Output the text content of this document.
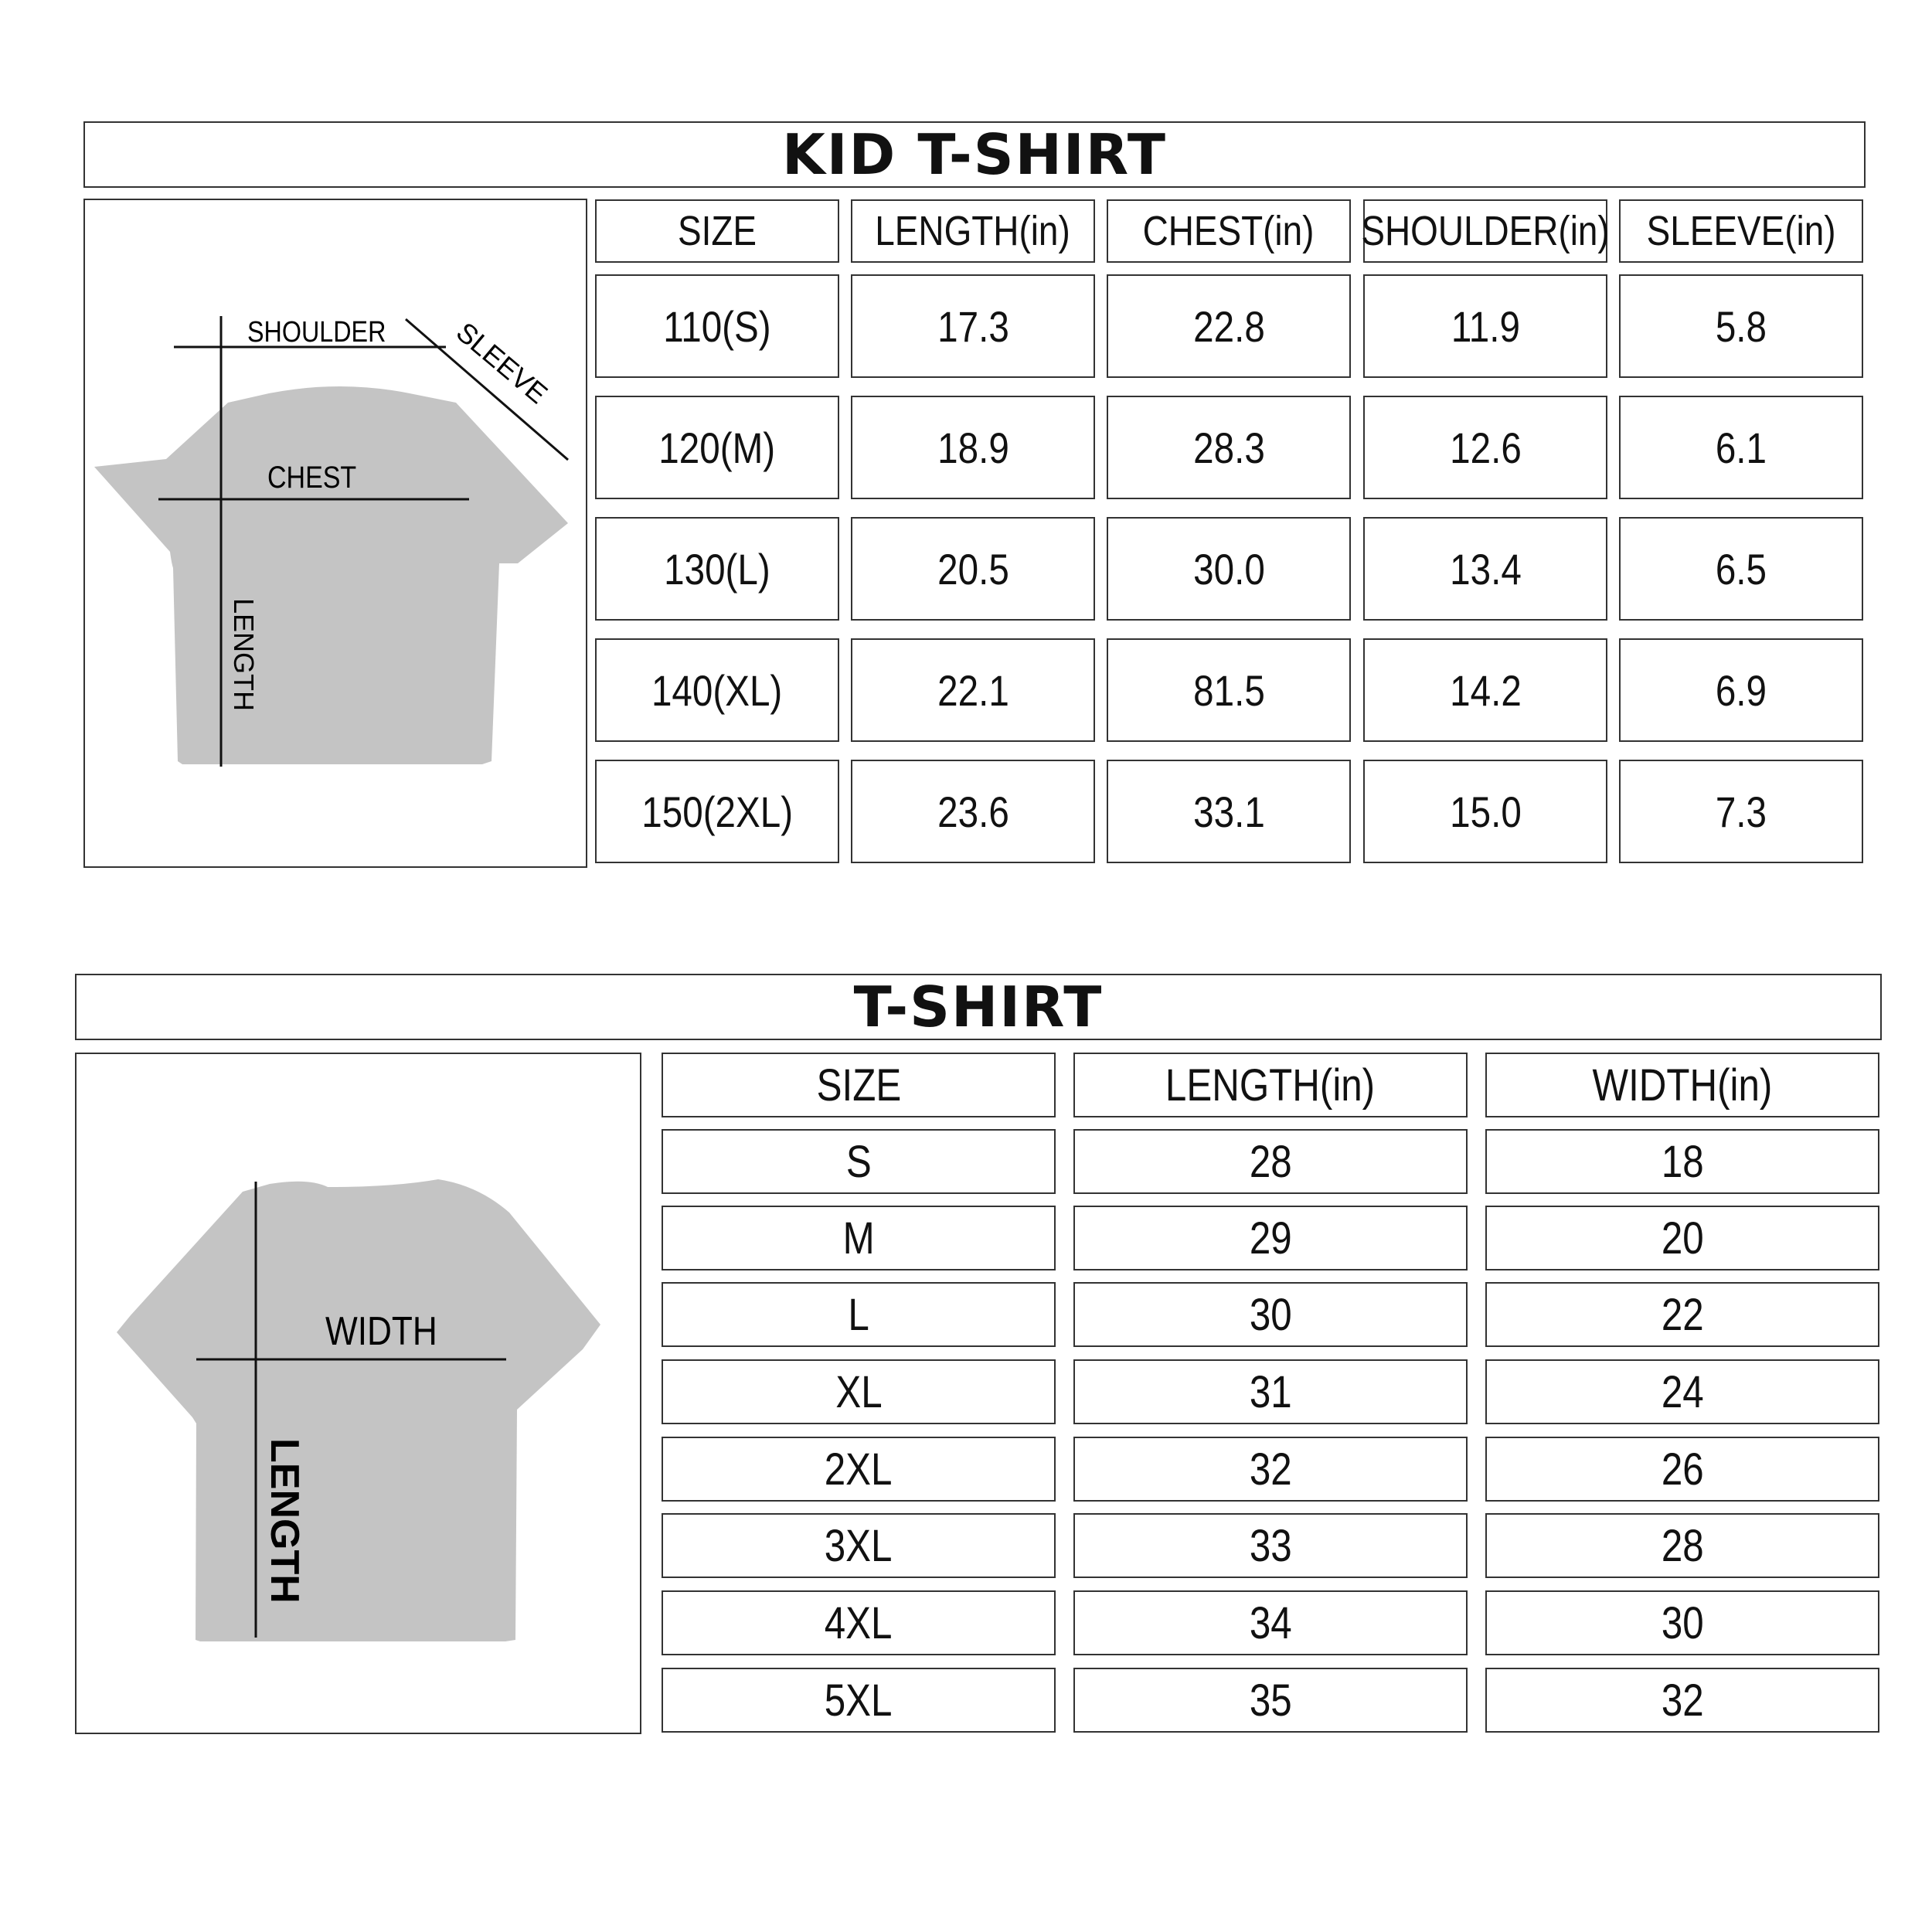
KID T-SHIRT
SHOULDER SLEEVE
CHEST
LENGTH
SIZE	LENGTH(in) CHEST(in) SHOULDER(in) SLEEVE(in)
110(S)	17.3	22.8	11.9	5.8
120(M)	18.9	28.3	12.6	6.1
130(L)	20.5	30.0	13.4	6.5
140(XL)	22.1	81.5	14.2	6.9
150(2XL)	23.6	33.1	15.0	7.3
T-SHIRT
WIDTH
LENGTH
SIZE	LENGTH(in)	WIDTH(in)
S	28	18
M	29	20
L	30	22
XL	31	24
2XL	32	26
3XL	33	28
4XL	34	30
5XL	35	32
